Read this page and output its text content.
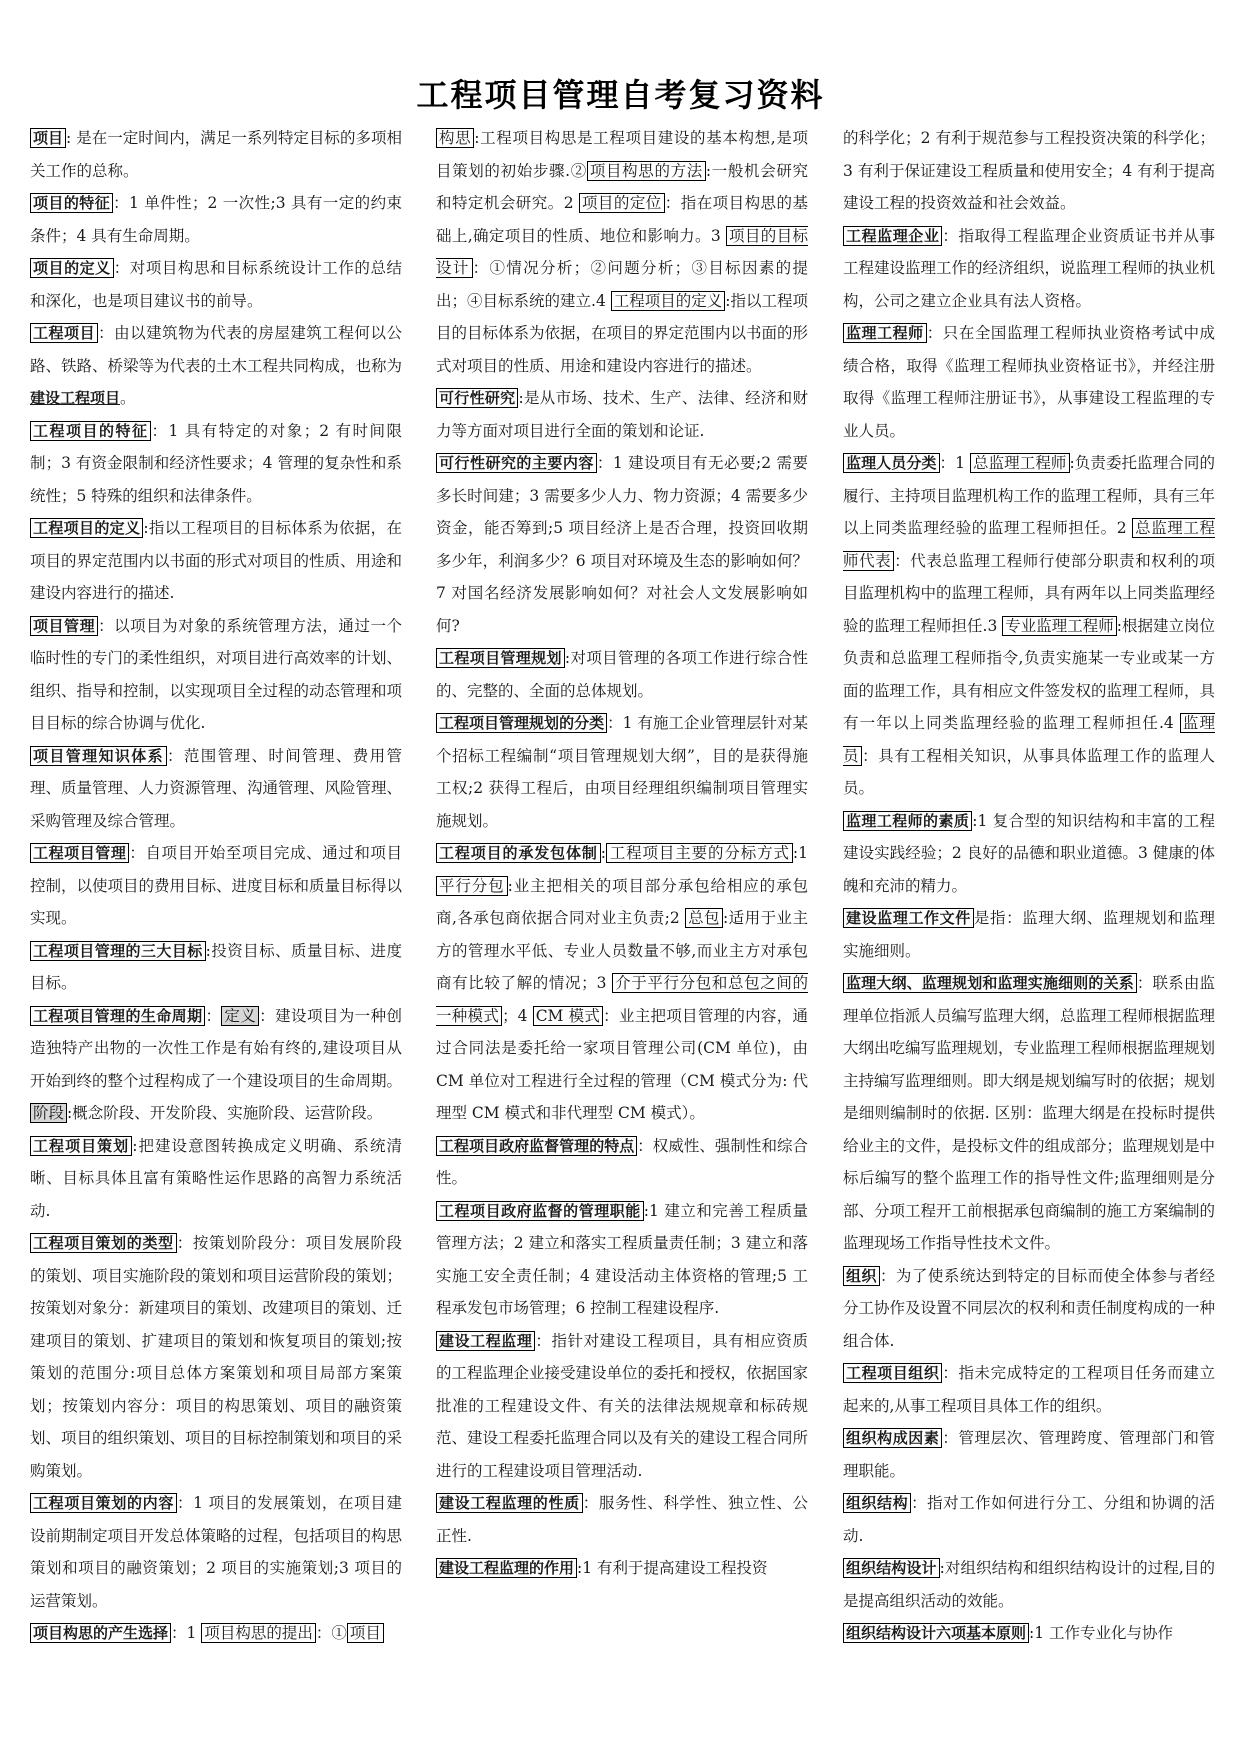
工程项目管理自考复习资料

项目 : 是在一定时间内，满足一系列特定目标的多项相关工作的总称。

项目的特征 ：1 单件性；2 一次性;3 具有一定的约束条件；4 具有生命周期。

项目的定义 ：对项目构思和目标系统设计工作的总结和深化，也是项目建议书的前导。

工程项目 ：由以建筑物为代表的房屋建筑工程何以公路、铁路、桥梁等为代表的土木工程共同构成，也称为建设工程项目。

工程项目的特征 ：1 具有特定的对象；2 有时间限制；3 有资金限制和经济性要求；4 管理的复杂性和系统性；5 特殊的组织和法律条件。

工程项目的定义 :指以工程项目的目标体系为依据，在项目的界定范围内以书面的形式对项目的性质、用途和建设内容进行的描述.

项目管理 ：以项目为对象的系统管理方法，通过一个临时性的专门的柔性组织，对项目进行高效率的计划、组织、指导和控制，以实现项目全过程的动态管理和项目目标的综合协调与优化.

项目管理知识体系 ：范围管理、时间管理、费用管理、质量管理、人力资源管理、沟通管理、风险管理、采购管理及综合管理。

工程项目管理 ：自项目开始至项目完成、通过和项目控制，以使项目的费用目标、进度目标和质量目标得以实现。

工程项目管理的三大目标 :投资目标、质量目标、进度目标。

工程项目管理的生命周期 ： 定义 ：建设项目为一种创造独特产出物的一次性工作是有始有终的,建设项目从开始到终的整个过程构成了一个建设项目的生命周期。阶段 :概念阶段、开发阶段、实施阶段、运营阶段。

工程项目策划 :把建设意图转换成定义明确、系统清晰、目标具体且富有策略性运作思路的高智力系统活动.

工程项目策划的类型 ：按策划阶段分：项目发展阶段的策划、项目实施阶段的策划和项目运营阶段的策划；按策划对象分：新建项目的策划、改建项目的策划、迁建项目的策划、扩建项目的策划和恢复项目的策划;按策划的范围分:项目总体方案策划和项目局部方案策划；按策划内容分：项目的构思策划、项目的融资策划、项目的组织策划、项目的目标控制策划和项目的采购策划。

工程项目策划的内容 ：1 项目的发展策划，在项目建设前期制定项目开发总体策略的过程，包括项目的构思策划和项目的融资策划；2 项目的实施策划;3 项目的运营策划。

项目构思的产生选择 ：1 项目构思的提出 ：① 项目

构思 :工程项目构思是工程项目建设的基本构想,是项目策划的初始步骤.② 项目构思的方法 :一般机会研究和特定机会研究。2 项目的定位 ：指在项目构思的基础上,确定项目的性质、地位和影响力。3 项目的目标设计 ：①情况分析；②问题分析；③目标因素的提出；④目标系统的建立.4 工程项目的定义 :指以工程项目的目标体系为依据，在项目的界定范围内以书面的形式对项目的性质、用途和建设内容进行的描述。

可行性研究 :是从市场、技术、生产、法律、经济和财力等方面对项目进行全面的策划和论证.

可行性研究的主要内容 ：1 建设项目有无必要;2 需要多长时间建；3 需要多少人力、物力资源；4 需要多少资金，能否筹到;5 项目经济上是否合理，投资回收期多少年，利润多少？6 项目对环境及生态的影响如何？7 对国名经济发展影响如何？对社会人文发展影响如何?

工程项目管理规划 :对项目管理的各项工作进行综合性的、完整的、全面的总体规划。

工程项目管理规划的分类 ：1 有施工企业管理层针对某个招标工程编制“项目管理规划大纲”，目的是获得施工权;2 获得工程后，由项目经理组织编制项目管理实施规划。

工程项目的承发包体制 : 工程项目主要的分标方式 :1 平行分包 :业主把相关的项目部分承包给相应的承包商,各承包商依据合同对业主负责;2 总包 :适用于业主方的管理水平低、专业人员数量不够,而业主方对承包商有比较了解的情况；3 介于平行分包和总包之间的一种模式 ；4 CM 模式 ：业主把项目管理的内容，通过合同法是委托给一家项目管理公司(CM 单位)，由 CM 单位对工程进行全过程的管理（CM 模式分为: 代理型 CM 模式和非代理型 CM 模式）。

工程项目政府监督管理的特点 ：权威性、强制性和综合性。

工程项目政府监督的管理职能 :1 建立和完善工程质量管理方法；2 建立和落实工程质量责任制；3 建立和落实施工安全责任制；4 建设活动主体资格的管理;5 工程承发包市场管理；6 控制工程建设程序.

建设工程监理 ：指针对建设工程项目，具有相应资质的工程监理企业接受建设单位的委托和授权，依据国家批准的工程建设文件、有关的法律法规规章和标砖规范、建设工程委托监理合同以及有关的建设工程合同所进行的工程建设项目管理活动.

建设工程监理的性质 ：服务性、科学性、独立性、公正性.

建设工程监理的作用 :1 有利于提高建设工程投资

的科学化；2 有利于规范参与工程投资决策的科学化；3 有利于保证建设工程质量和使用安全；4 有利于提高建设工程的投资效益和社会效益。

工程监理企业 ：指取得工程监理企业资质证书并从事工程建设监理工作的经济组织，说监理工程师的执业机构，公司之建立企业具有法人资格。

监理工程师 ：只在全国监理工程师执业资格考试中成绩合格，取得《监理工程师执业资格证书》，并经注册取得《监理工程师注册证书》，从事建设工程监理的专业人员。

监理人员分类 ：1 总监理工程师 :负责委托监理合同的履行、主持项目监理机构工作的监理工程师，具有三年以上同类监理经验的监理工程师担任。2 总监理工程师代表 ：代表总监理工程师行使部分职责和权利的项目监理机构中的监理工程师，具有两年以上同类监理经验的监理工程师担任.3 专业监理工程师 :根据建立岗位负责和总监理工程师指令,负责实施某一专业或某一方面的监理工作，具有相应文件签发权的监理工程师，具有一年以上同类监理经验的监理工程师担任.4 监理员 ：具有工程相关知识，从事具体监理工作的监理人员。

监理工程师的素质 :1 复合型的知识结构和丰富的工程建设实践经验；2 良好的品德和职业道德。3 健康的体魄和充沛的精力。

建设监理工作文件 是指：监理大纲、监理规划和监理实施细则。

监理大纲、监理规划和监理实施细则的关系 ：联系由监理单位指派人员编写监理大纲，总监理工程师根据监理大纲出吃编写监理规划，专业监理工程师根据监理规划主持编写监理细则。即大纲是规划编写时的依据；规划是细则编制时的依据. 区别：监理大纲是在投标时提供给业主的文件，是投标文件的组成部分；监理规划是中标后编写的整个监理工作的指导性文件;监理细则是分部、分项工程开工前根据承包商编制的施工方案编制的监理现场工作指导性技术文件。

组织 ：为了使系统达到特定的目标而使全体参与者经分工协作及设置不同层次的权利和责任制度构成的一种组合体.

工程项目组织 ：指未完成特定的工程项目任务而建立起来的,从事工程项目具体工作的组织。

组织构成因素 ：管理层次、管理跨度、管理部门和管理职能。

组织结构 ：指对工作如何进行分工、分组和协调的活动.

组织结构设计 :对组织结构和组织结构设计的过程,目的是提高组织活动的效能。

组织结构设计六项基本原则 :1 工作专业化与协作
